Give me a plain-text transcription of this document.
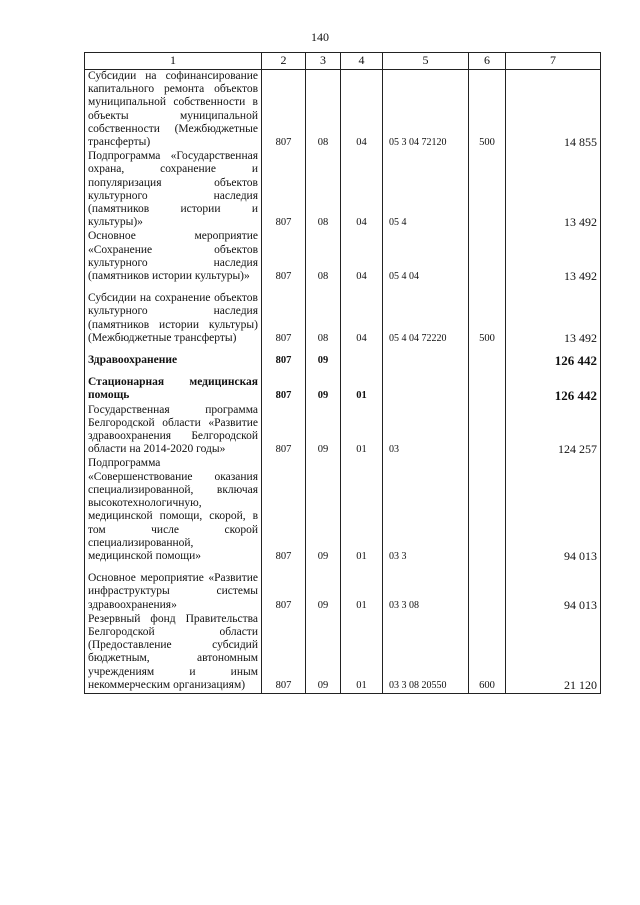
140
1	2	3	4	5	6	7
Субсидии на софинансирование капитального ремонта объектов муниципальной собственности в объекты муниципальной собственности (Межбюджетные трансферты)	807	08	04	05 3 04 72120	500	14 855
Подпрограмма «Государственная охрана, сохранение и популяризация объектов культурного наследия (памятников истории и культуры)»	807	08	04	05 4		13 492
Основное мероприятие «Сохранение объектов культурного наследия (памятников истории культуры)»	807	08	04	05 4 04		13 492
Субсидии на сохранение объектов культурного наследия (памятников истории культуры) (Межбюджетные трансферты)	807	08	04	05 4 04 72220	500	13 492
Здравоохранение	807	09				126 442
Стационарная медицинская помощь	807	09	01			126 442
Государственная программа Белгородской области «Развитие здравоохранения Белгородской области на 2014-2020 годы»	807	09	01	03		124 257
Подпрограмма «Совершенствование оказания специализированной, включая высокотехнологичную, медицинской помощи, скорой, в том числе скорой специализированной, медицинской помощи»	807	09	01	03 3		94 013
Основное мероприятие «Развитие инфраструктуры системы здравоохранения»	807	09	01	03 3 08		94 013
Резервный фонд Правительства Белгородской области (Предоставление субсидий бюджетным, автономным учреждениям и иным некоммерческим организациям)	807	09	01	03 3 08 20550	600	21 120
